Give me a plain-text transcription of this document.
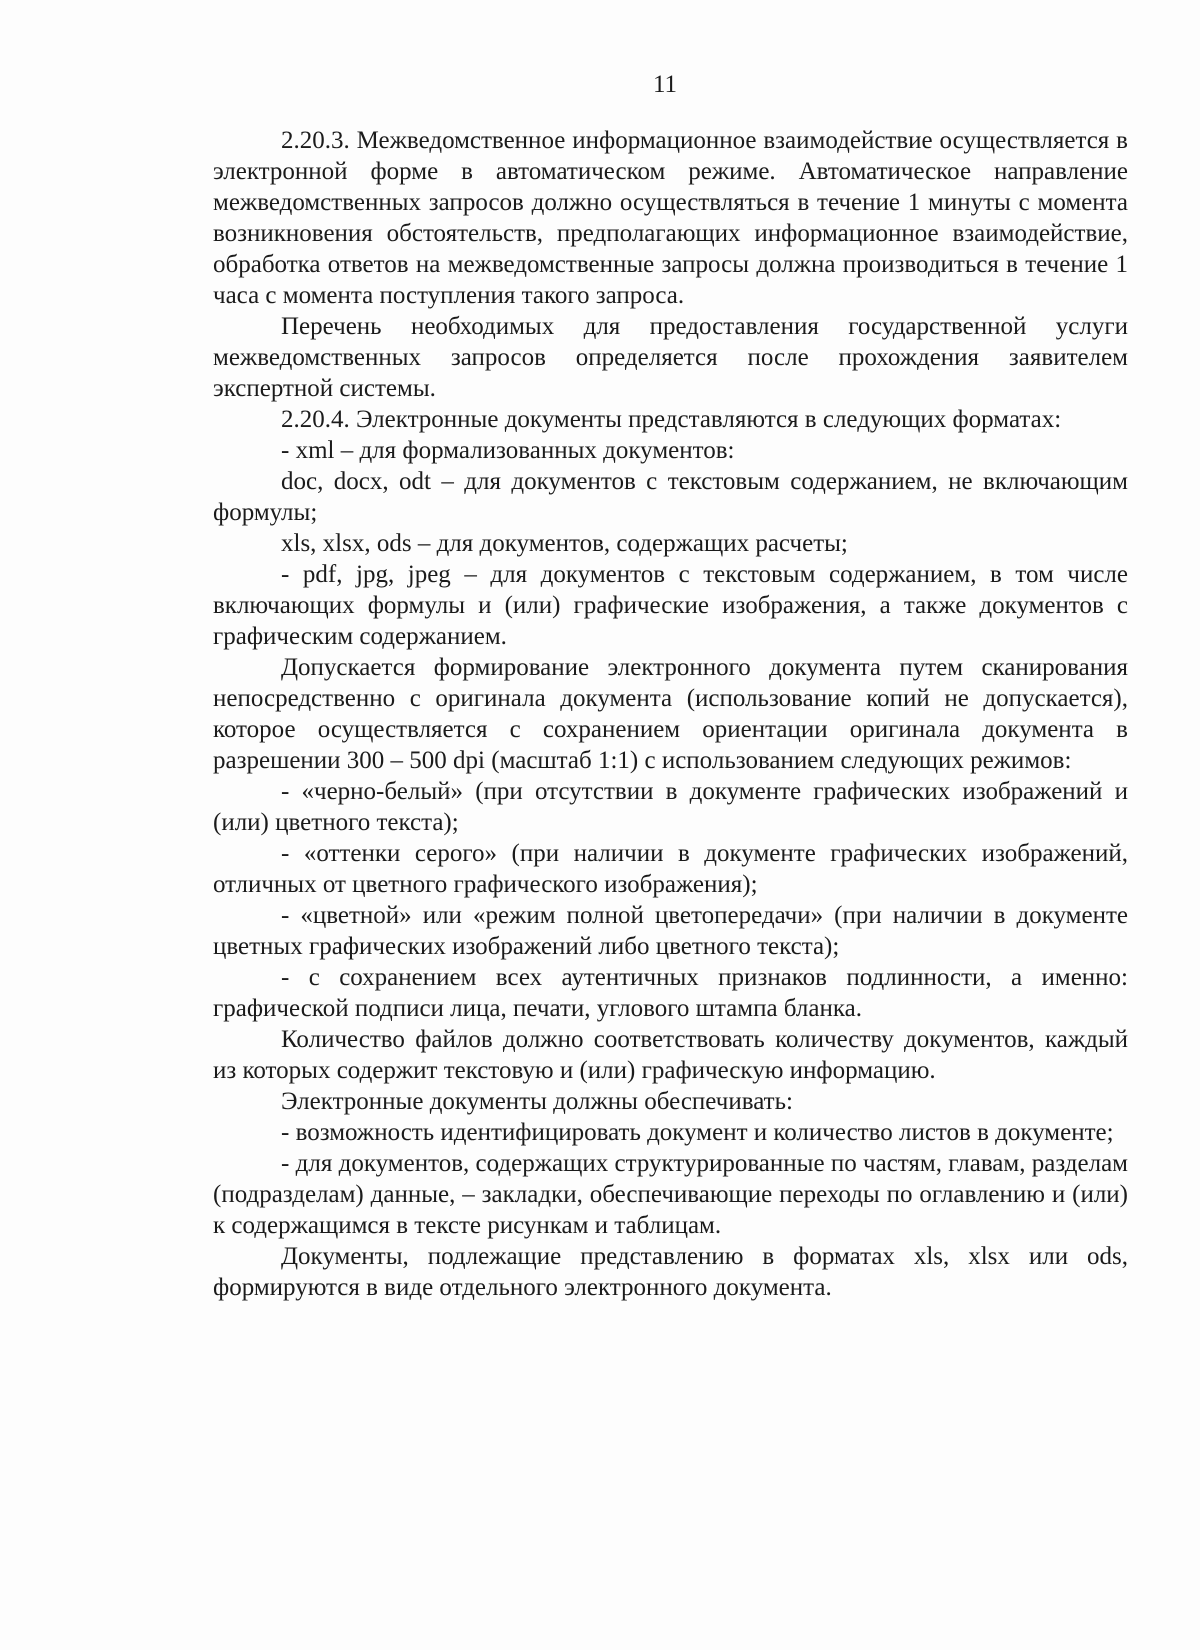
11

2.20.3. Межведомственное информационное взаимодействие осуществляется в электронной форме в автоматическом режиме. Автоматическое направление межведомственных запросов должно осуществляться в течение 1 минуты с момента возникновения обстоятельств, предполагающих информационное взаимодействие, обработка ответов на межведомственные запросы должна производиться в течение 1 часа с момента поступления такого запроса.

Перечень необходимых для предоставления государственной услуги межведомственных запросов определяется после прохождения заявителем экспертной системы.

2.20.4. Электронные документы представляются в следующих форматах:

- xml – для формализованных документов:

doc, docx, odt – для документов с текстовым содержанием, не включающим формулы;

xls, xlsx, ods – для документов, содержащих расчеты;

- pdf, jpg, jpeg – для документов с текстовым содержанием, в том числе включающих формулы и (или) графические изображения, а также документов с графическим содержанием.

Допускается формирование электронного документа путем сканирования непосредственно с оригинала документа (использование копий не допускается), которое осуществляется с сохранением ориентации оригинала документа в разрешении 300 – 500 dpi (масштаб 1:1) с использованием следующих режимов:

- «черно-белый» (при отсутствии в документе графических изображений и (или) цветного текста);

- «оттенки серого» (при наличии в документе графических изображений, отличных от цветного графического изображения);

- «цветной» или «режим полной цветопередачи» (при наличии в документе цветных графических изображений либо цветного текста);

- с сохранением всех аутентичных признаков подлинности, а именно: графической подписи лица, печати, углового штампа бланка.

Количество файлов должно соответствовать количеству документов, каждый из которых содержит текстовую и (или) графическую информацию.

Электронные документы должны обеспечивать:

- возможность идентифицировать документ и количество листов в документе;

- для документов, содержащих структурированные по частям, главам, разделам (подразделам) данные, – закладки, обеспечивающие переходы по оглавлению и (или) к содержащимся в тексте рисункам и таблицам.

Документы, подлежащие представлению в форматах xls, xlsx или ods, формируются в виде отдельного электронного документа.
